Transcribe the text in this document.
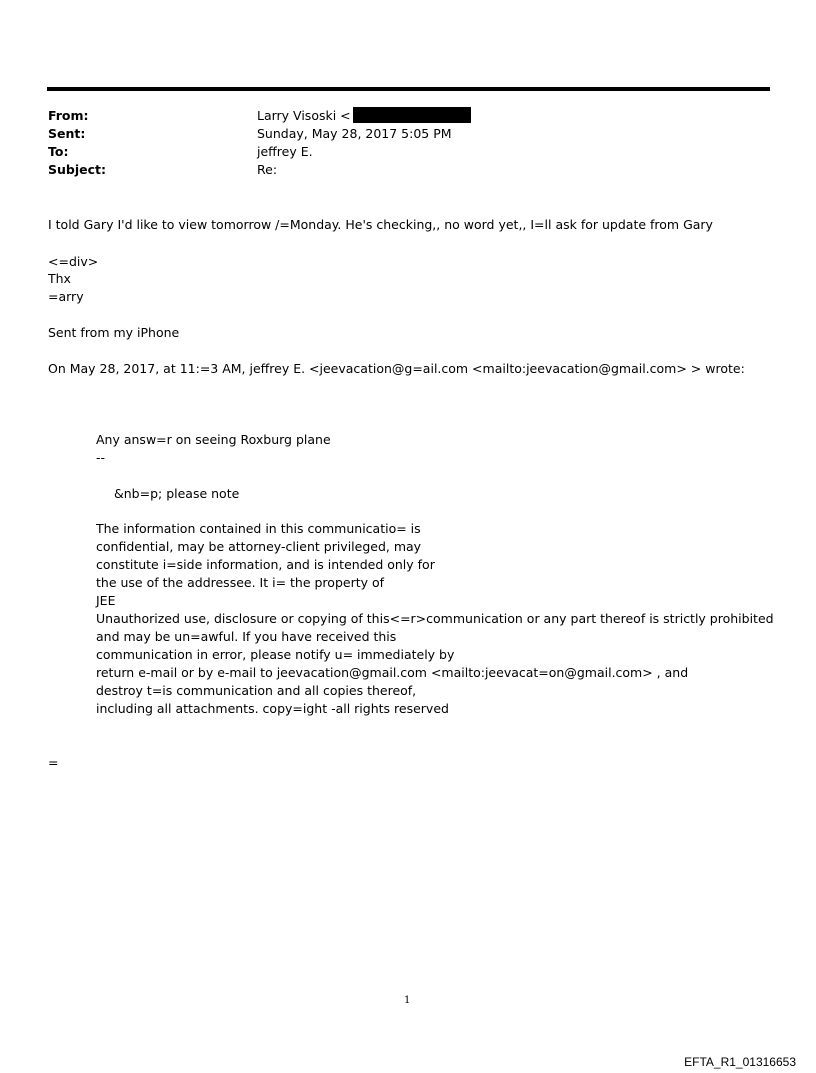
From:	Larry Visoski <
Sent:	Sunday, May 28, 2017 5:05 PM
To:	jeffrey E.
Subject:	Re:
I told Gary I'd like to view tomorrow /=Monday. He's checking,, no word yet,, I=ll ask for update from Gary
<=div>
Thx
=arry
Sent from my iPhone
On May 28, 2017, at 11:=3 AM, jeffrey E. <jeevacation@g=ail.com <mailto:jeevacation@gmail.com> > wrote:
Any answ=r on seeing Roxburg plane
--
&nb=p; please note
The information contained in this communicatio= is
confidential, may be attorney-client privileged, may
constitute i=side information, and is intended only for
the use of the addressee. It i= the property of
JEE
Unauthorized use, disclosure or copying of this<=r>communication or any part thereof is strictly prohibited
and may be un=awful. If you have received this
communication in error, please notify u= immediately by
return e-mail or by e-mail to jeevacation@gmail.com <mailto:jeevacat=on@gmail.com> , and
destroy t=is communication and all copies thereof,
including all attachments. copy=ight -all rights reserved
=
1
EFTA_R1_01316653
